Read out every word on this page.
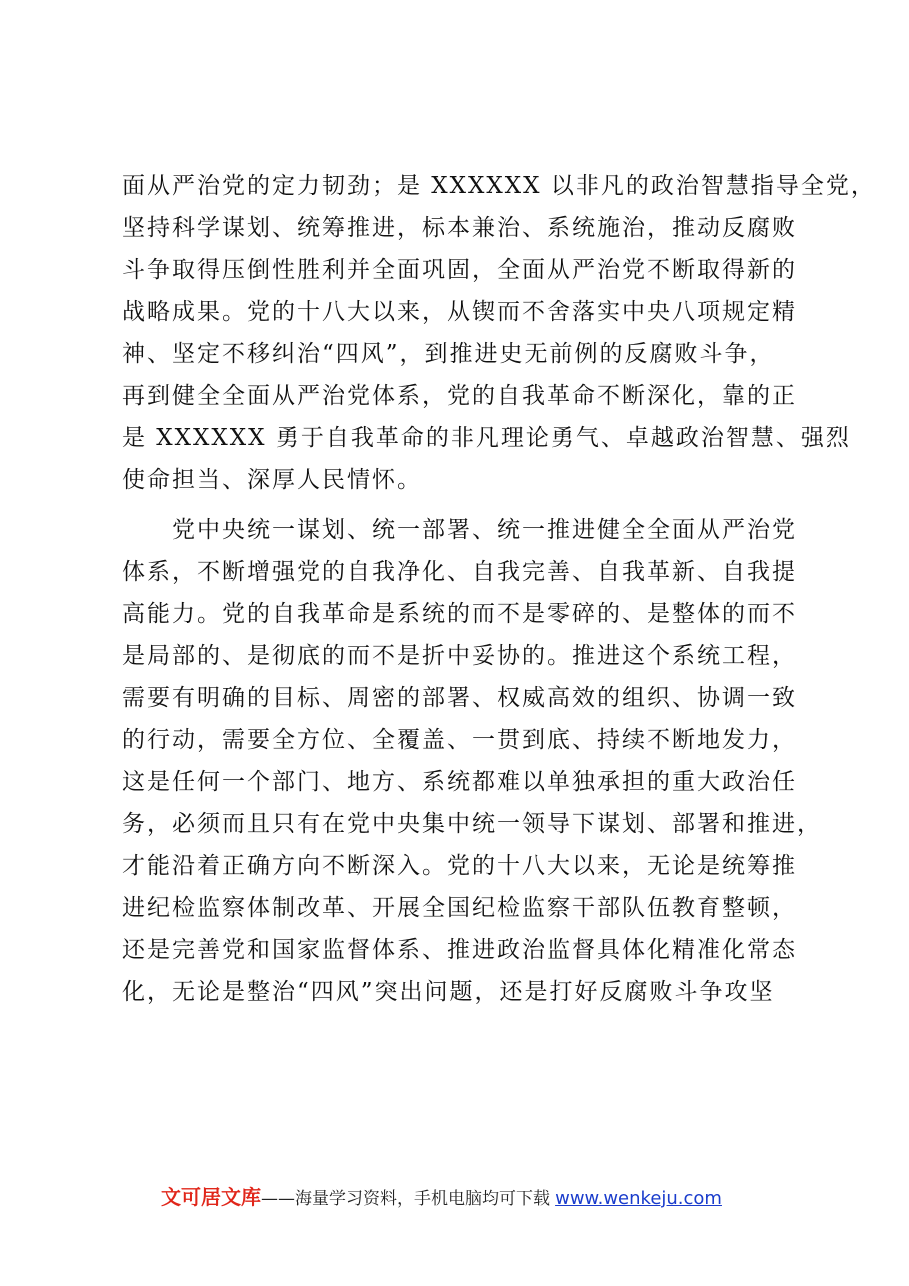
面从严治党的定力韧劲；是 XXXXXX 以非凡的政治智慧指导全党，
坚持科学谋划、统筹推进，标本兼治、系统施治，推动反腐败
斗争取得压倒性胜利并全面巩固，全面从严治党不断取得新的
战略成果。党的十八大以来，从锲而不舍落实中央八项规定精
神、坚定不移纠治“四风”，到推进史无前例的反腐败斗争，
再到健全全面从严治党体系，党的自我革命不断深化，靠的正
是 XXXXXX 勇于自我革命的非凡理论勇气、卓越政治智慧、强烈
使命担当、深厚人民情怀。
　　党中央统一谋划、统一部署、统一推进健全全面从严治党
体系，不断增强党的自我净化、自我完善、自我革新、自我提
高能力。党的自我革命是系统的而不是零碎的、是整体的而不
是局部的、是彻底的而不是折中妥协的。推进这个系统工程，
需要有明确的目标、周密的部署、权威高效的组织、协调一致
的行动，需要全方位、全覆盖、一贯到底、持续不断地发力，
这是任何一个部门、地方、系统都难以单独承担的重大政治任
务，必须而且只有在党中央集中统一领导下谋划、部署和推进，
才能沿着正确方向不断深入。党的十八大以来，无论是统筹推
进纪检监察体制改革、开展全国纪检监察干部队伍教育整顿，
还是完善党和国家监督体系、推进政治监督具体化精准化常态
化，无论是整治“四风”突出问题，还是打好反腐败斗争攻坚
文可居文库——海量学习资料，手机电脑均可下载 www.wenkeju.com
